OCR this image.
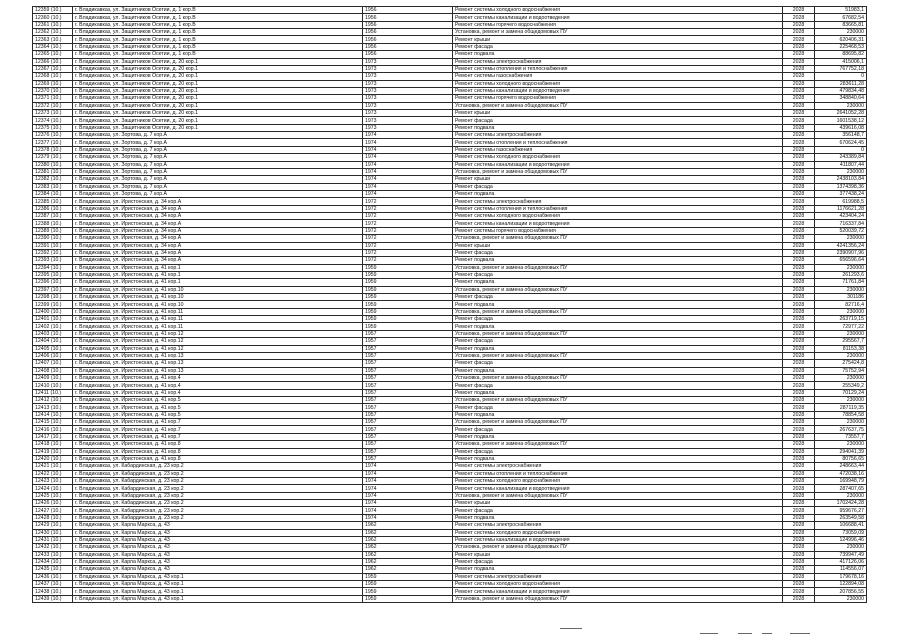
12359 (10.)	г. Владикавказ, ул. Защитников Осетии, д. 1 кор.В	1956	Ремонт системы холодного водоснабжения	2028	51983,1
12360 (10.)	г. Владикавказ, ул. Защитников Осетии, д. 1 кор.В	1956	Ремонт системы канализации и водоотведения	2028	67682,54
12361 (10.)	г. Владикавказ, ул. Защитников Осетии, д. 1 кор.В	1956	Ремонт системы горячего водоснабжения	2028	83665,81
12362 (10.)	г. Владикавказ, ул. Защитников Осетии, д. 1 кор.В	1956	Установка, ремонт и замена общедомовых ПУ	2028	230000
12363 (10.)	г. Владикавказ, ул. Защитников Осетии, д. 1 кор.В	1956	Ремонт крыши	2028	620406,31
12364 (10.)	г. Владикавказ, ул. Защитников Осетии, д. 1 кор.В	1956	Ремонт фасада	2028	225468,53
12365 (10.)	г. Владикавказ, ул. Защитников Осетии, д. 1 кор.В	1956	Ремонт подвала	2028	88695,82
12366 (10.)	г. Владикавказ, ул. Защитников Осетии, д. 20 кор.1	1973	Ремонт системы электроснабжения	2028	415006,1
12367 (10.)	г. Владикавказ, ул. Защитников Осетии, д. 20 кор.1	1973	Ремонт системы отопления и теплоснабжения	2028	767752,18
12368 (10.)	г. Владикавказ, ул. Защитников Осетии, д. 20 кор.1	1973	Ремонт системы газоснабжения	2028	0
12369 (10.)	г. Владикавказ, ул. Защитников Осетии, д. 20 кор.1	1973	Ремонт системы холодного водоснабжения	2028	283611,28
12370 (10.)	г. Владикавказ, ул. Защитников Осетии, д. 20 кор.1	1973	Ремонт системы канализации и водоотведения	2028	479834,48
12371 (10.)	г. Владикавказ, ул. Защитников Осетии, д. 20 кор.1	1973	Ремонт системы горячего водоснабжения	2028	348840,64
12372 (10.)	г. Владикавказ, ул. Защитников Осетии, д. 20 кор.1	1973	Установка, ремонт и замена общедомовых ПУ	2028	230000
12373 (10.)	г. Владикавказ, ул. Защитников Осетии, д. 20 кор.1	1973	Ремонт крыши	2028	2641052,28
12374 (10.)	г. Владикавказ, ул. Защитников Осетии, д. 20 кор.1	1973	Ремонт фасада	2028	1601538,12
12375 (10.)	г. Владикавказ, ул. Защитников Осетии, д. 20 кор.1	1973	Ремонт подвала	2028	439616,08
12376 (10.)	г. Владикавказ, ул. Зортова, д. 7 кор.А	1974	Ремонт системы электроснабжения	2028	356148,7
12377 (10.)	г. Владикавказ, ул. Зортова, д. 7 кор.А	1974	Ремонт системы отопления и теплоснабжения	2028	670624,45
12378 (10.)	г. Владикавказ, ул. Зортова, д. 7 кор.А	1974	Ремонт системы газоснабжения	2028	0
12379 (10.)	г. Владикавказ, ул. Зортова, д. 7 кор.А	1974	Ремонт системы холодного водоснабжения	2028	243389,84
12380 (10.)	г. Владикавказ, ул. Зортова, д. 7 кор.А	1974	Ремонт системы канализации и водоотведения	2028	411807,44
12381 (10.)	г. Владикавказ, ул. Зортова, д. 7 кор.А	1974	Установка, ремонт и замена общедомовых ПУ	2028	230000
12382 (10.)	г. Владикавказ, ул. Зортова, д. 7 кор.А	1974	Ремонт крыши	2028	2438103,84
12383 (10.)	г. Владикавказ, ул. Зортова, д. 7 кор.А	1974	Ремонт фасада	2028	1374398,36
12384 (10.)	г. Владикавказ, ул. Зортова, д. 7 кор.А	1974	Ремонт подвала	2028	377438,24
12385 (10.)	г. Владикавказ, ул. Иристонская, д. 34 кор.А	1972	Ремонт системы электроснабжения	2028	619988,5
12386 (10.)	г. Владикавказ, ул. Иристонская, д. 34 кор.А	1972	Ремонт системы отопления и теплоснабжения	2028	1176621,28
12387 (10.)	г. Владикавказ, ул. Иристонская, д. 34 кор.А	1972	Ремонт системы холодного водоснабжения	2028	423404,24
12388 (10.)	г. Владикавказ, ул. Иристонская, д. 34 кор.А	1972	Ремонт системы канализации и водоотведения	2028	716337,84
12389 (10.)	г. Владикавказ, ул. Иристонская, д. 34 кор.А	1972	Ремонт системы горячего водоснабжения	2028	520039,72
12390 (10.)	г. Владикавказ, ул. Иристонская, д. 34 кор.А	1972	Установка, ремонт и замена общедомовых ПУ	2028	230000
12391 (10.)	г. Владикавказ, ул. Иристонская, д. 34 кор.А	1972	Ремонт крыши	2028	4241356,24
12392 (10.)	г. Владикавказ, ул. Иристонская, д. 34 кор.А	1972	Ремонт фасада	2028	2390907,96
12393 (10.)	г. Владикавказ, ул. Иристонская, д. 34 кор.А	1972	Ремонт подвала	2028	656596,64
12394 (10.)	г. Владикавказ, ул. Иристонская, д. 41 кор.1	1959	Установка, ремонт и замена общедомовых ПУ	2028	230000
12395 (10.)	г. Владикавказ, ул. Иристонская, д. 41 кор.1	1959	Ремонт фасада	2028	261293,6
12396 (10.)	г. Владикавказ, ул. Иристонская, д. 41 кор.1	1959	Ремонт подвала	2028	71761,84
12397 (10.)	г. Владикавказ, ул. Иристонская, д. 41 кор.10	1959	Установка, ремонт и замена общедомовых ПУ	2028	230000
12398 (10.)	г. Владикавказ, ул. Иристонская, д. 41 кор.10	1959	Ремонт фасада	2028	301186
12399 (10.)	г. Владикавказ, ул. Иристонская, д. 41 кор.10	1959	Ремонт подвала	2028	82716,4
12400 (10.)	г. Владикавказ, ул. Иристонская, д. 41 кор.11	1959	Установка, ремонт и замена общедомовых ПУ	2028	230000
12401 (10.)	г. Владикавказ, ул. Иристонская, д. 41 кор.11	1959	Ремонт фасада	2028	263719,15
12402 (10.)	г. Владикавказ, ул. Иристонская, д. 41 кор.11	1959	Ремонт подвала	2028	72977,22
12403 (10.)	г. Владикавказ, ул. Иристонская, д. 41 кор.12	1957	Установка, ремонт и замена общедомовых ПУ	2028	230000
12404 (10.)	г. Владикавказ, ул. Иристонская, д. 41 кор.12	1957	Ремонт фасада	2028	295567,7
12405 (10.)	г. Владикавказ, ул. Иристонская, д. 41 кор.12	1957	Ремонт подвала	2028	81153,38
12406 (10.)	г. Владикавказ, ул. Иристонская, д. 41 кор.13	1957	Установка, ремонт и замена общедомовых ПУ	2028	230000
12407 (10.)	г. Владикавказ, ул. Иристонская, д. 41 кор.13	1957	Ремонт фасада	2028	275424,8
12408 (10.)	г. Владикавказ, ул. Иристонская, д. 41 кор.13	1957	Ремонт подвала	2028	75752,94
12409 (10.)	г. Владикавказ, ул. Иристонская, д. 41 кор.4	1957	Установка, ремонт и замена общедомовых ПУ	2028	230000
12410 (10.)	г. Владикавказ, ул. Иристонская, д. 41 кор.4	1957	Ремонт фасада	2028	255349,2
12411 (10.)	г. Владикавказ, ул. Иристонская, д. 41 кор.4	1957	Ремонт подвала	2028	70129,24
12412 (10.)	г. Владикавказ, ул. Иристонская, д. 41 кор.5	1957	Установка, ремонт и замена общедомовых ПУ	2028	230000
12413 (10.)	г. Владикавказ, ул. Иристонская, д. 41 кор.5	1957	Ремонт фасада	2028	287119,35
12414 (10.)	г. Владикавказ, ул. Иристонская, д. 41 кор.5	1957	Ремонт подвала	2028	78854,58
12415 (10.)	г. Владикавказ, ул. Иристонская, д. 41 кор.7	1957	Установка, ремонт и замена общедомовых ПУ	2028	230000
12416 (10.)	г. Владикавказ, ул. Иристонская, д. 41 кор.7	1957	Ремонт фасада	2028	267637,75
12417 (10.)	г. Владикавказ, ул. Иристонская, д. 41 кор.7	1957	Ремонт подвала	2028	73557,7
12418 (10.)	г. Владикавказ, ул. Иристонская, д. 41 кор.8	1957	Установка, ремонт и замена общедомовых ПУ	2028	230000
12419 (10.)	г. Владикавказ, ул. Иристонская, д. 41 кор.8	1957	Ремонт фасада	2028	294041,39
12420 (10.)	г. Владикавказ, ул. Иристонская, д. 41 кор.8	1957	Ремонт подвала	2028	80756,65
12421 (10.)	г. Владикавказ, ул. Кабардинская, д. 23 кор.2	1974	Ремонт системы электроснабжения	2028	248663,44
12422 (10.)	г. Владикавказ, ул. Кабардинская, д. 23 кор.2	1974	Ремонт системы отопления и теплоснабжения	2028	472038,16
12423 (10.)	г. Владикавказ, ул. Кабардинская, д. 23 кор.2	1974	Ремонт системы холодного водоснабжения	2028	169948,79
12424 (10.)	г. Владикавказ, ул. Кабардинская, д. 23 кор.2	1974	Ремонт системы канализации и водоотведения	2028	287407,65
12425 (10.)	г. Владикавказ, ул. Кабардинская, д. 23 кор.2	1974	Установка, ремонт и замена общедомовых ПУ	2028	230000
12426 (10.)	г. Владикавказ, ул. Кабардинская, д. 23 кор.2	1974	Ремонт крыши	2028	1702424,28
12427 (10.)	г. Владикавказ, ул. Кабардинская, д. 23 кор.2	1974	Ремонт фасада	2028	959676,27
12428 (10.)	г. Владикавказ, ул. Кабардинская, д. 23 кор.2	1974	Ремонт подвала	2028	263549,58
12429 (10.)	г. Владикавказ, ул. Карла Маркса, д. 43	1962	Ремонт системы электроснабжения	2028	106688,41
12430 (10.)	г. Владикавказ, ул. Карла Маркса, д. 43	1962	Ремонт системы холодного водоснабжения	2028	73059,09
12431 (10.)	г. Владикавказ, ул. Карла Маркса, д. 43	1962	Ремонт системы канализации и водоотведения	2028	124996,46
12432 (10.)	г. Владикавказ, ул. Карла Маркса, д. 43	1962	Установка, ремонт и замена общедомовых ПУ	2028	230000
12433 (10.)	г. Владикавказ, ул. Карла Маркса, д. 43	1962	Ремонт крыши	2028	739947,49
12434 (10.)	г. Владикавказ, ул. Карла Маркса, д. 43	1962	Ремонт фасада	2028	417126,06
12435 (10.)	г. Владикавказ, ул. Карла Маркса, д. 43	1962	Ремонт подвала	2028	114556,07
12436 (10.)	г. Владикавказ, ул. Карла Маркса, д. 43 кор.1	1959	Ремонт системы электроснабжения	2028	179678,16
12437 (10.)	г. Владикавказ, ул. Карла Маркса, д. 43 кор.1	1959	Ремонт системы холодного водоснабжения	2028	122894,08
12438 (10.)	г. Владикавказ, ул. Карла Маркса, д. 43 кор.1	1959	Ремонт системы канализации и водоотведения	2028	207856,55
12439 (10.)	г. Владикавказ, ул. Карла Маркса, д. 43 кор.1	1959	Установка, ремонт и замена общедомовых ПУ	2028	230000
